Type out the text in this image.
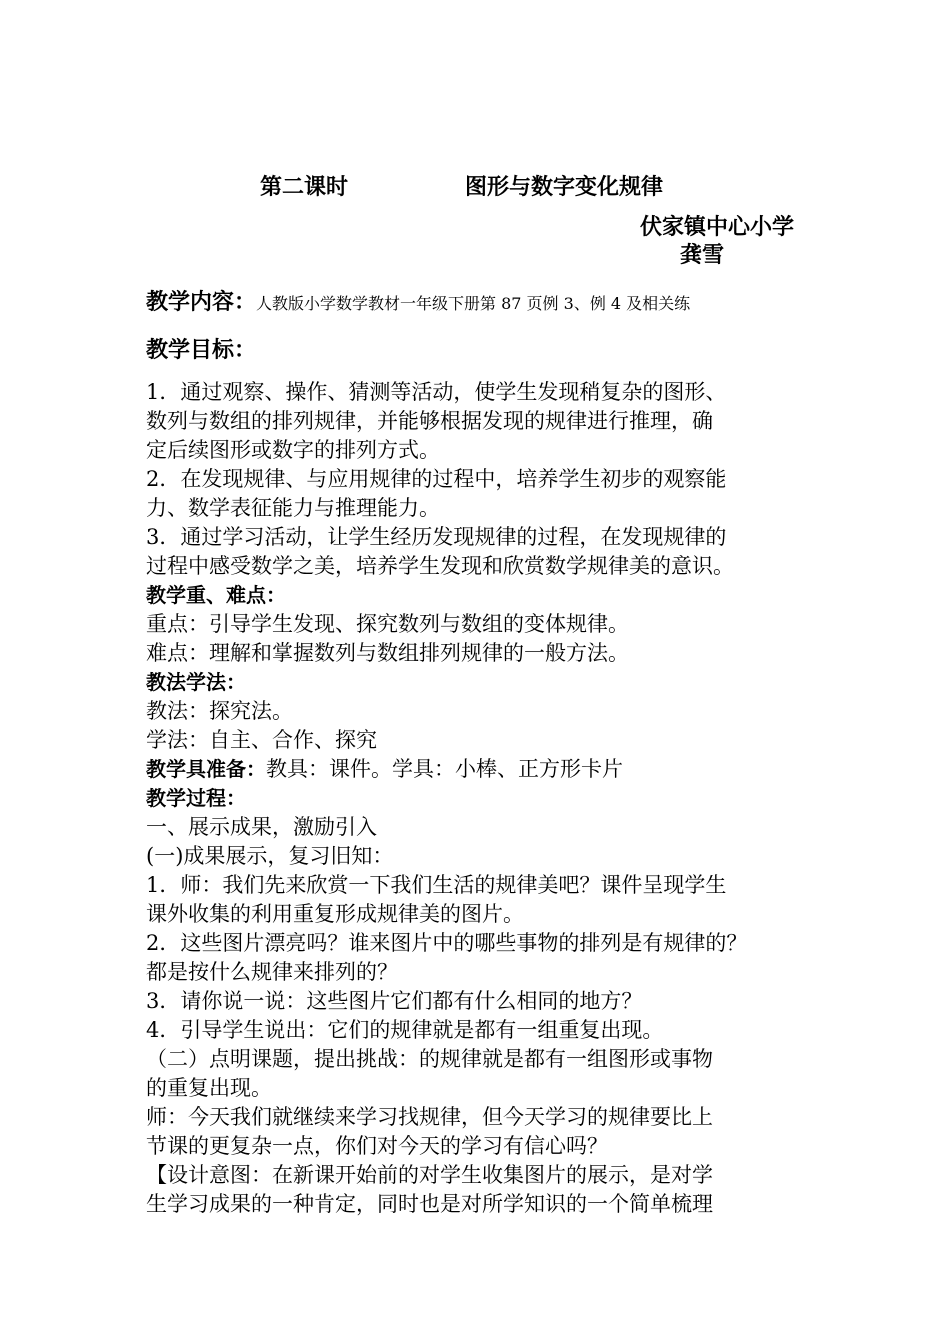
第二课时	图形与数字变化规律
伏家镇中心小学
龚雪
教学内容： 人教版小学数学教材一年级下册第 87 页例 3、例 4 及相关练
教学目标：
1．通过观察、操作、猜测等活动，使学生发现稍复杂的图形、
数列与数组的排列规律，并能够根据发现的规律进行推理，确
定后续图形或数字的排列方式。
2．在发现规律、与应用规律的过程中，培养学生初步的观察能
力、数学表征能力与推理能力。
3．通过学习活动，让学生经历发现规律的过程，在发现规律的
过程中感受数学之美，培养学生发现和欣赏数学规律美的意识。
教学重、难点：
重点：引导学生发现、探究数列与数组的变体规律。
难点：理解和掌握数列与数组排列规律的一般方法。
教法学法：
教法：探究法。
学法：自主、合作、探究
教学具准备：教具：课件。学具：小棒、正方形卡片
教学过程：
一、展示成果，激励引入
(一)成果展示，复习旧知：
1．师：我们先来欣赏一下我们生活的规律美吧？课件呈现学生
课外收集的利用重复形成规律美的图片。
2．这些图片漂亮吗？谁来图片中的哪些事物的排列是有规律的？
都是按什么规律来排列的？
3．请你说一说：这些图片它们都有什么相同的地方？
4．引导学生说出：它们的规律就是都有一组重复出现。
（二）点明课题，提出挑战：的规律就是都有一组图形或事物
的重复出现。
师：今天我们就继续来学习找规律，但今天学习的规律要比上
节课的更复杂一点，你们对今天的学习有信心吗？
【设计意图：在新课开始前的对学生收集图片的展示，是对学
生学习成果的一种肯定，同时也是对所学知识的一个简单梳理
